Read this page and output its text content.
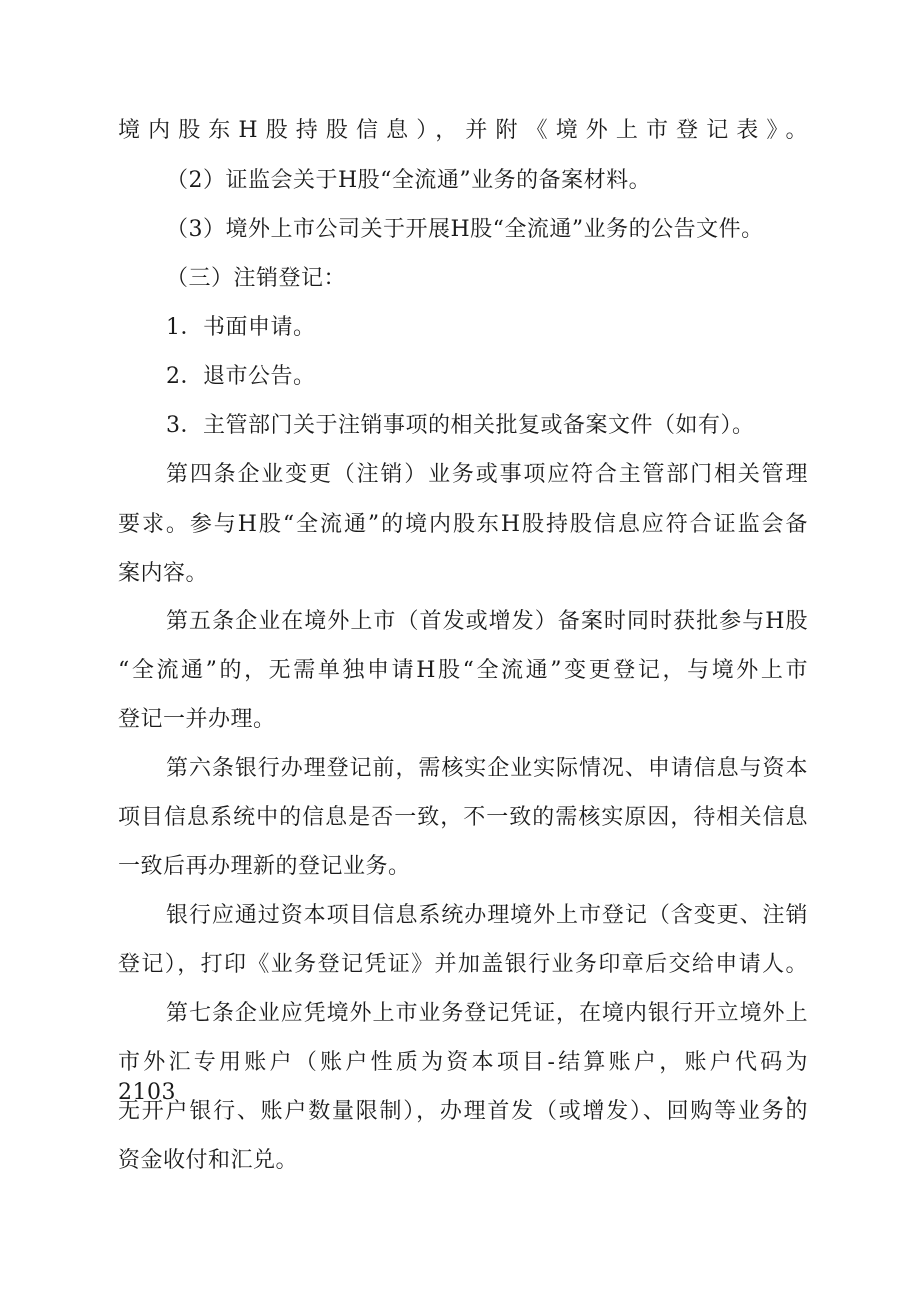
境内股东H股持股信息），并附《境外上市登记表》。
（2）证监会关于H股“全流通”业务的备案材料。
（3）境外上市公司关于开展H股“全流通”业务的公告文件。
（三）注销登记：
1．书面申请。
2．退市公告。
3．主管部门关于注销事项的相关批复或备案文件（如有）。
第四条企业变更（注销）业务或事项应符合主管部门相关管理
要求。参与H股“全流通”的境内股东H股持股信息应符合证监会备
案内容。
第五条企业在境外上市（首发或增发）备案时同时获批参与H股
“全流通”的，无需单独申请H股“全流通”变更登记，与境外上市
登记一并办理。
第六条银行办理登记前，需核实企业实际情况、申请信息与资本
项目信息系统中的信息是否一致，不一致的需核实原因，待相关信息
一致后再办理新的登记业务。
银行应通过资本项目信息系统办理境外上市登记（含变更、注销
登记），打印《业务登记凭证》并加盖银行业务印章后交给申请人。
第七条企业应凭境外上市业务登记凭证，在境内银行开立境外上
市外汇专用账户（账户性质为资本项目-结算账户，账户代码为2103，
无开户银行、账户数量限制），办理首发（或增发）、回购等业务的
资金收付和汇兑。
